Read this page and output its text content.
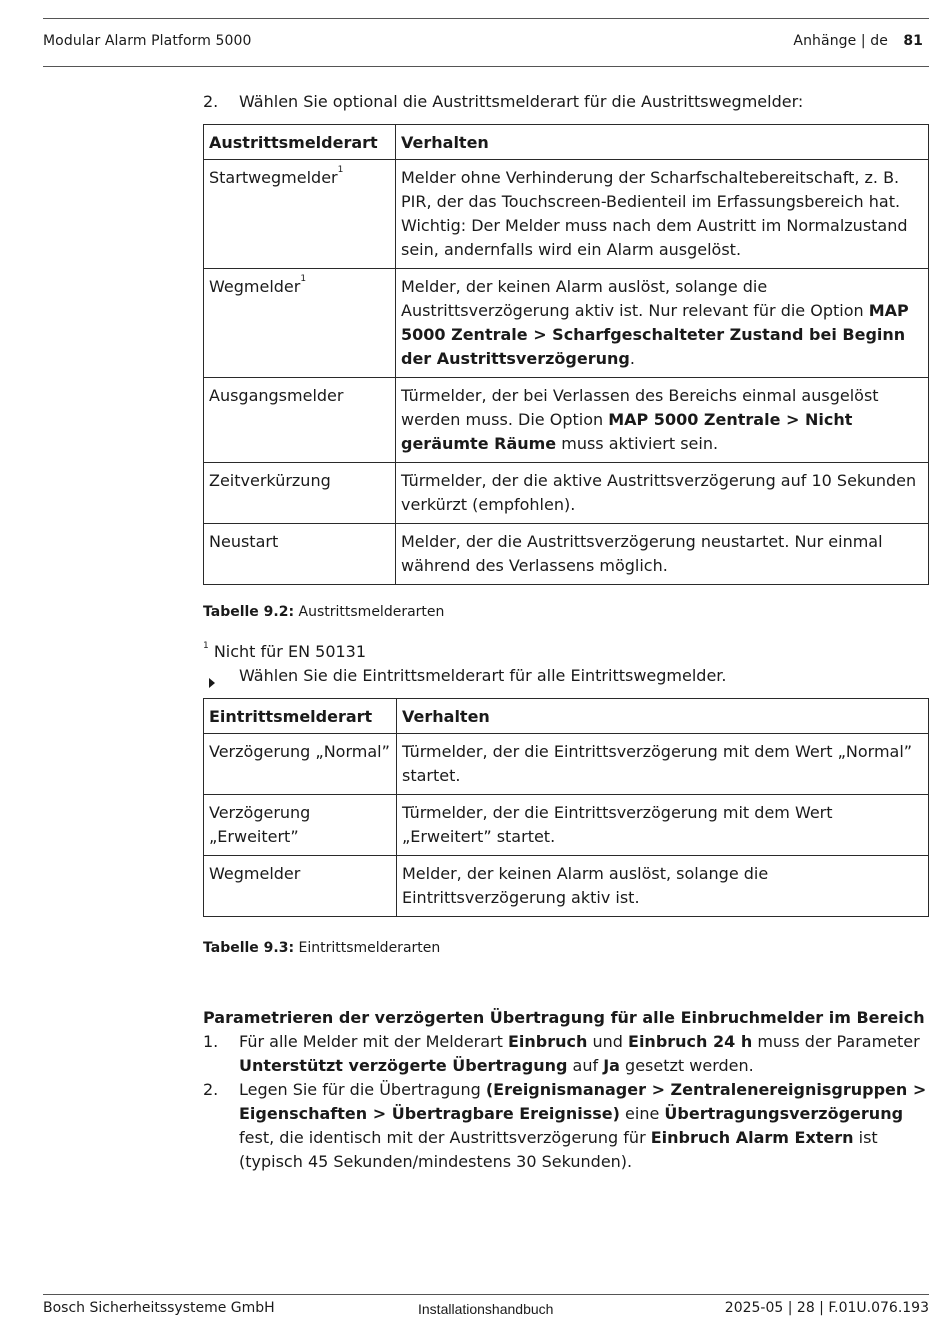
Modular Alarm Platform 5000	Anhänge | de 81
2. Wählen Sie optional die Austrittsmelderart für die Austrittswegmelder:
Austrittsmelderart	Verhalten
Startwegmelder$^1$	Melder ohne Verhinderung der Scharfschaltebereitschaft, z. B. PIR, der das Touchscreen-Bedienteil im Erfassungsbereich hat. Wichtig: Der Melder muss nach dem Austritt im Normalzustand sein, andernfalls wird ein Alarm ausgelöst.
Wegmelder$^1$	Melder, der keinen Alarm auslöst, solange die Austrittsverzögerung aktiv ist. Nur relevant für die Option MAP 5000 Zentrale > Scharfgeschalteter Zustand bei Beginn der Austrittsverzögerung.
Ausgangsmelder	Türmelder, der bei Verlassen des Bereichs einmal ausgelöst werden muss. Die Option MAP 5000 Zentrale > Nicht geräumte Räume muss aktiviert sein.
Zeitverkürzung	Türmelder, der die aktive Austrittsverzögerung auf 10 Sekunden verkürzt (empfohlen).
Neustart	Melder, der die Austrittsverzögerung neustartet. Nur einmal während des Verlassens möglich.
Tabelle 9.2: Austrittsmelderarten
$^1$ Nicht für EN 50131
Wählen Sie die Eintrittsmelderart für alle Eintrittswegmelder.
Eintrittsmelderart	Verhalten
Verzögerung „Normal”	Türmelder, der die Eintrittsverzögerung mit dem Wert „Normal” startet.
Verzögerung „Erweitert”	Türmelder, der die Eintrittsverzögerung mit dem Wert „Erweitert” startet.
Wegmelder	Melder, der keinen Alarm auslöst, solange die Eintrittsverzögerung aktiv ist.
Tabelle 9.3: Eintrittsmelderarten
Parametrieren der verzögerten Übertragung für alle Einbruchmelder im Bereich
1. Für alle Melder mit der Melderart Einbruch und Einbruch 24 h muss der Parameter Unterstützt verzögerte Übertragung auf Ja gesetzt werden.
2. Legen Sie für die Übertragung (Ereignismanager > Zentralenereignisgruppen > Eigenschaften > Übertragbare Ereignisse) eine Übertragungsverzögerung fest, die identisch mit der Austrittsverzögerung für Einbruch Alarm Extern ist (typisch 45 Sekunden/mindestens 30 Sekunden).
Bosch Sicherheitssysteme GmbH	Installationshandbuch	2025-05 | 28 | F.01U.076.193
